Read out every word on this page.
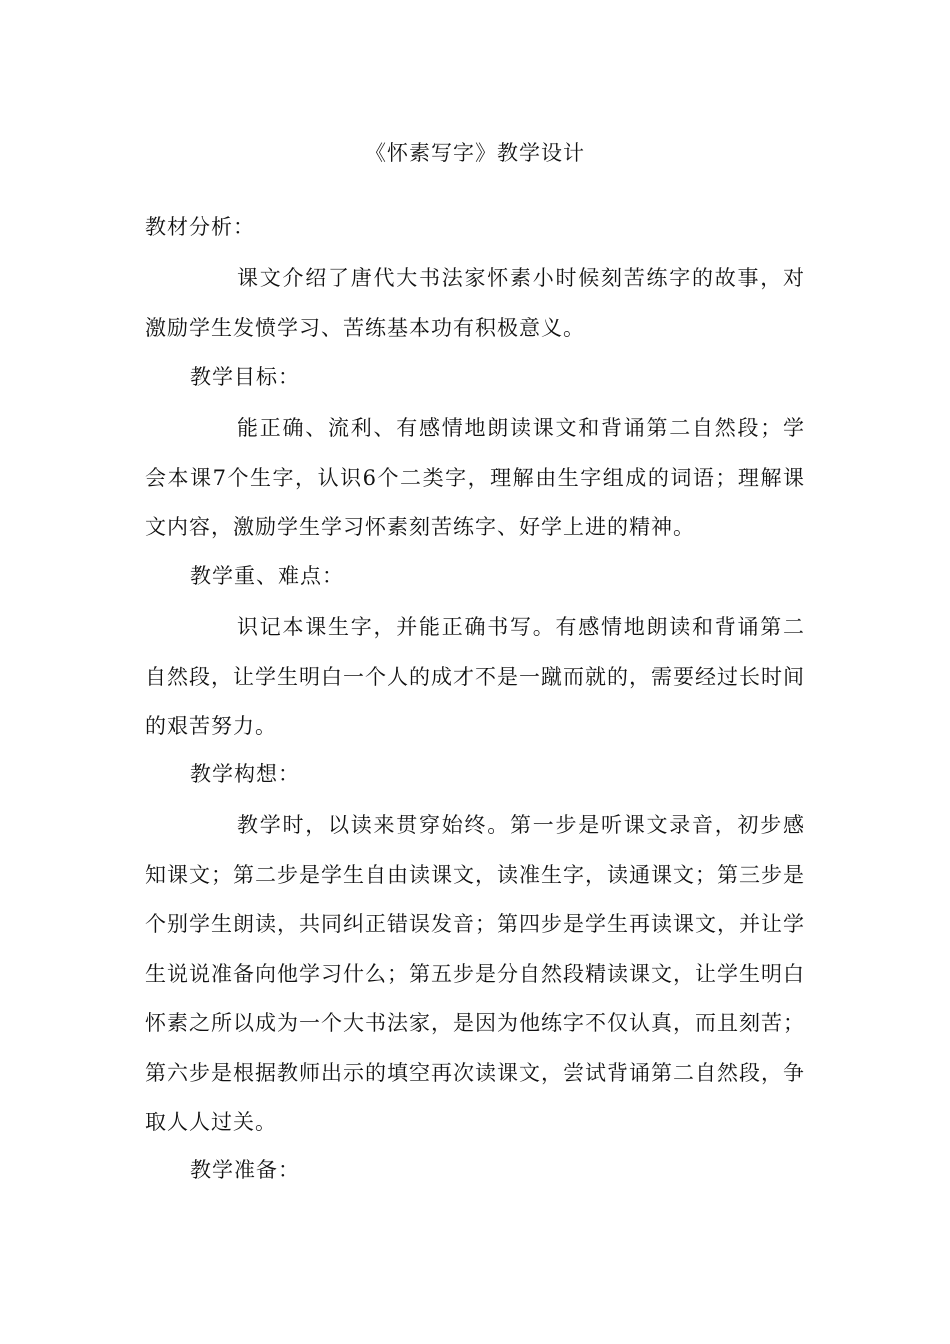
《怀素写字》教学设计
教材分析：
课文介绍了唐代大书法家怀素小时候刻苦练字的故事，对激励学生发愤学习、苦练基本功有积极意义。
教学目标：
能正确、流利、有感情地朗读课文和背诵第二自然段；学会本课7个生字，认识6个二类字，理解由生字组成的词语；理解课文内容，激励学生学习怀素刻苦练字、好学上进的精神。
教学重、难点：
识记本课生字，并能正确书写。有感情地朗读和背诵第二自然段，让学生明白一个人的成才不是一蹴而就的，需要经过长时间的艰苦努力。
教学构想：
教学时，以读来贯穿始终。第一步是听课文录音，初步感知课文；第二步是学生自由读课文，读准生字，读通课文；第三步是个别学生朗读，共同纠正错误发音；第四步是学生再读课文，并让学生说说准备向他学习什么；第五步是分自然段精读课文，让学生明白怀素之所以成为一个大书法家，是因为他练字不仅认真，而且刻苦；第六步是根据教师出示的填空再次读课文，尝试背诵第二自然段，争取人人过关。
教学准备：
